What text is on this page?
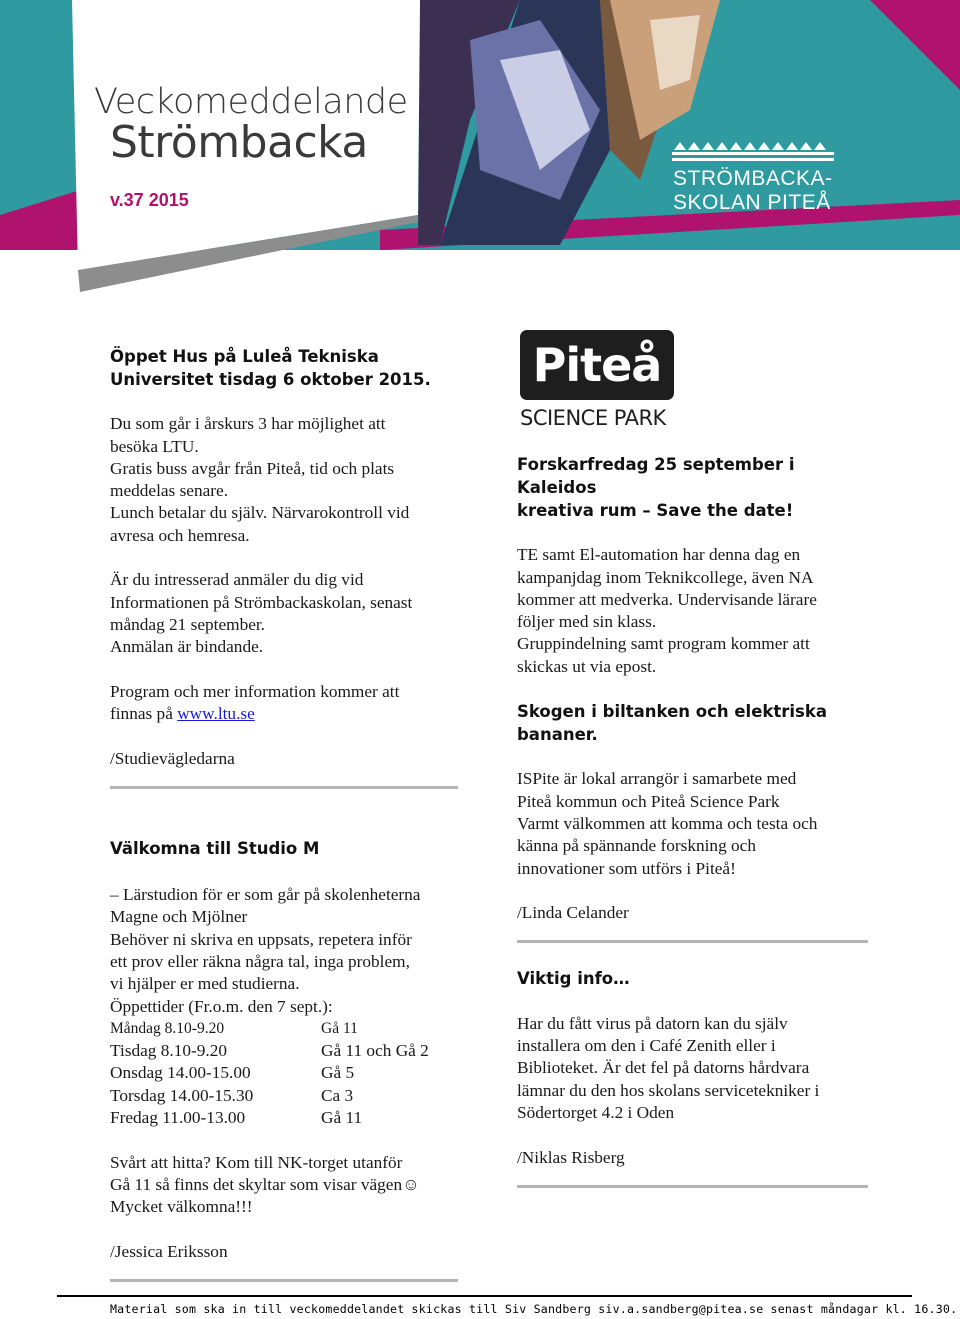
Veckomeddelande
Strömbacka
v.37 2015
STRÖMBACKA-
SKOLAN PITEÅ
Öppet Hus på Luleå Tekniska
Universitet tisdag 6 oktober 2015.

Du som går i årskurs 3 har möjlighet att

besöka LTU.

Gratis buss avgår från Piteå, tid och plats

meddelas senare.

Lunch betalar du själv. Närvarokontroll vid

avresa och hemresa.

Är du intresserad anmäler du dig vid

Informationen på Strömbackaskolan, senast

måndag 21 september.

Anmälan är bindande.

Program och mer information kommer att

finnas på www.ltu.se

/Studievägledarna

Välkomna till Studio M

– Lärstudion för er som går på skolenheterna

Magne och Mjölner

Behöver ni skriva en uppsats, repetera inför

ett prov eller räkna några tal, inga problem,

vi hjälper er med studierna.

Öppettider (Fr.o.m. den 7 sept.):

Måndag 8.10-9.20	Gå 11
Tisdag 8.10-9.20	Gå 11 och Gå 2
Onsdag 14.00-15.00	Gå 5
Torsdag 14.00-15.30	Ca 3
Fredag 11.00-13.00	Gå 11

Svårt att hitta? Kom till NK-torget utanför

Gå 11 så finns det skyltar som visar vägen☺

Mycket välkomna!!!

/Jessica Eriksson

Piteå
SCIENCE PARK
Forskarfredag 25 september i Kaleidos
kreativa rum – Save the date!

TE samt El-automation har denna dag en

kampanjdag inom Teknikcollege, även NA

kommer att medverka. Undervisande lärare

följer med sin klass.

Gruppindelning samt program kommer att

skickas ut via epost.

Skogen i biltanken och elektriska
bananer.

ISPite är lokal arrangör i samarbete med

Piteå kommun och Piteå Science Park

Varmt välkommen att komma och testa och

känna på spännande forskning och

innovationer som utförs i Piteå!

/Linda Celander

Viktig info…

Har du fått virus på datorn kan du själv

installera om den i Café Zenith eller i

Biblioteket. Är det fel på datorns hårdvara

lämnar du den hos skolans servicetekniker i

Södertorget 4.2 i Oden

/Niklas Risberg

Material som ska in till veckomeddelandet skickas till Siv Sandberg siv.a.sandberg@pitea.se senast måndagar kl. 16.30.
